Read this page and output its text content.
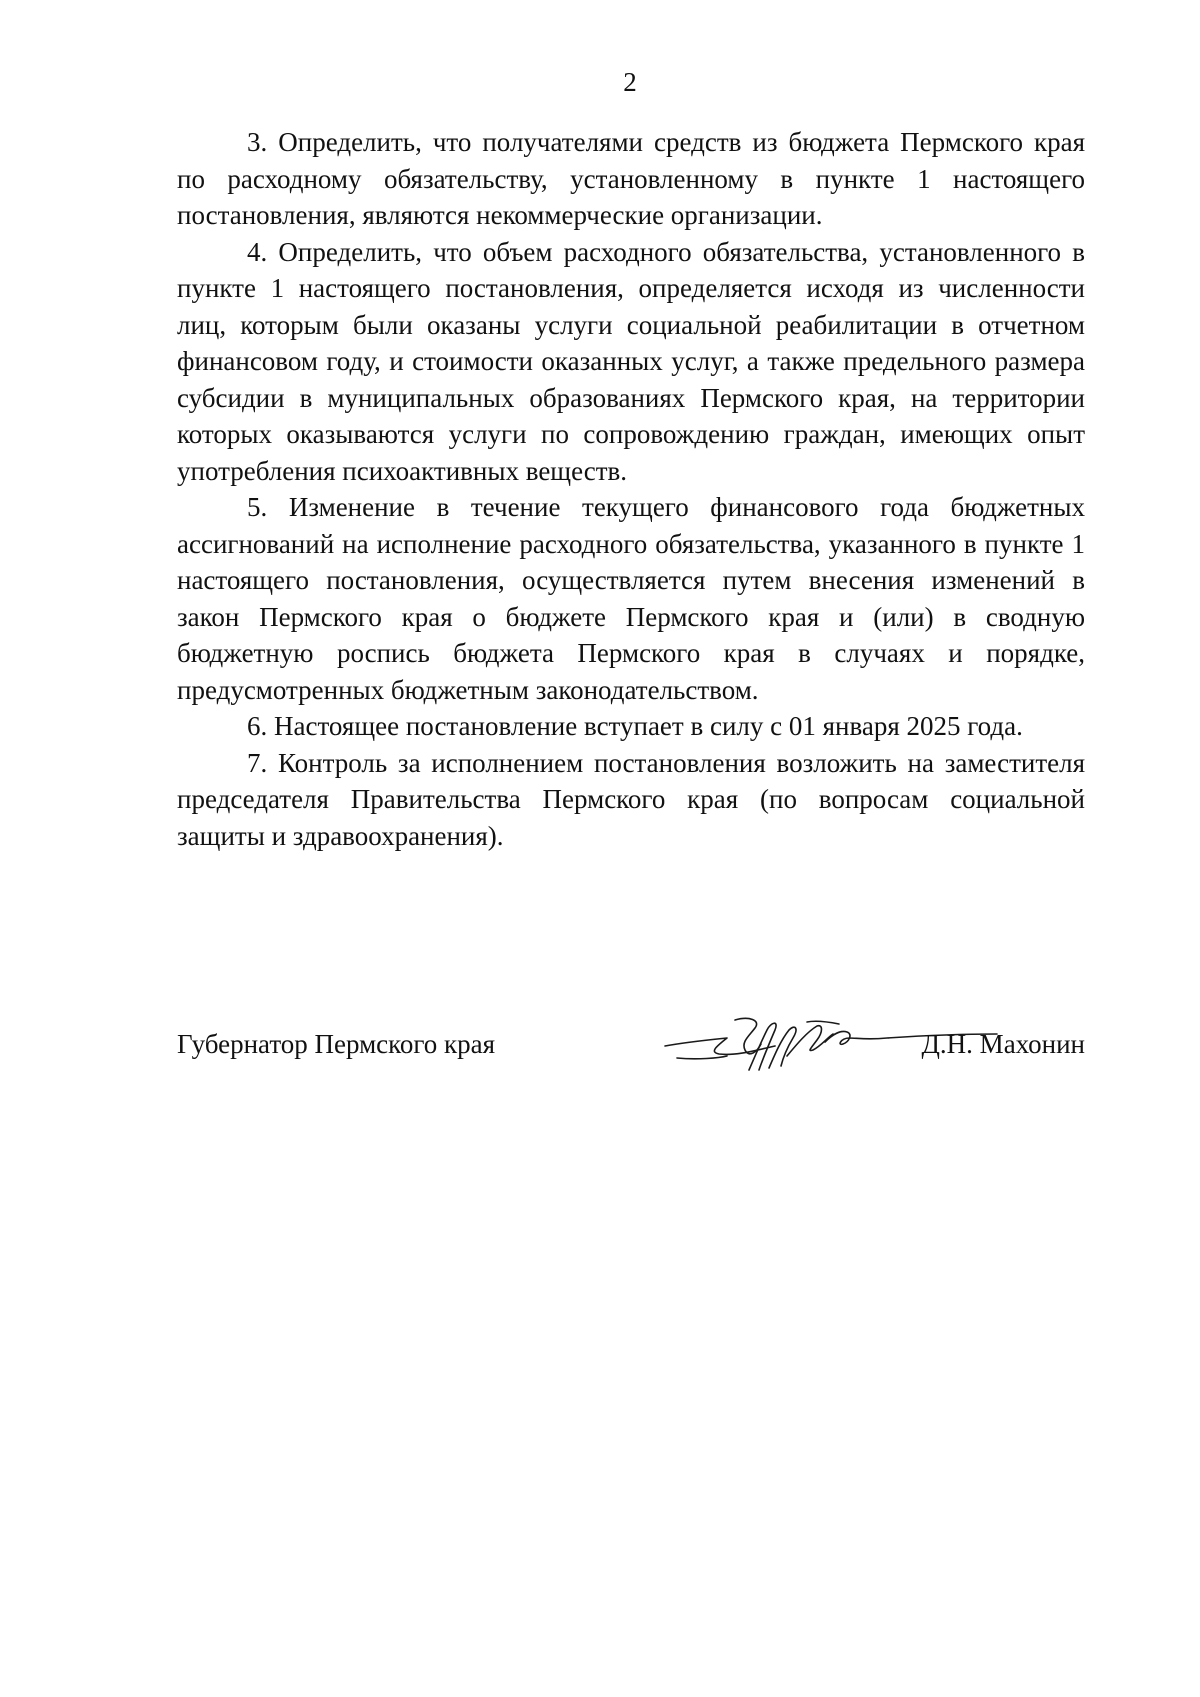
2

3. Определить, что получателями средств из бюджета Пермского края по расходному обязательству, установленному в пункте 1 настоящего постановления, являются некоммерческие организации.

4. Определить, что объем расходного обязательства, установленного в пункте 1 настоящего постановления, определяется исходя из численности лиц, которым были оказаны услуги социальной реабилитации в отчетном финансовом году, и стоимости оказанных услуг, а также предельного размера субсидии в муниципальных образованиях Пермского края, на территории которых оказываются услуги по сопровождению граждан, имеющих опыт употребления психоактивных веществ.

5. Изменение в течение текущего финансового года бюджетных ассигнований на исполнение расходного обязательства, указанного в пункте 1 настоящего постановления, осуществляется путем внесения изменений в закон Пермского края о бюджете Пермского края и (или) в сводную бюджетную роспись бюджета Пермского края в случаях и порядке, предусмотренных бюджетным законодательством.

6. Настоящее постановление вступает в силу с 01 января 2025 года.

7. Контроль за исполнением постановления возложить на заместителя председателя Правительства Пермского края (по вопросам социальной защиты и здравоохранения).

Губернатор Пермского края	Д.Н. Махонин
